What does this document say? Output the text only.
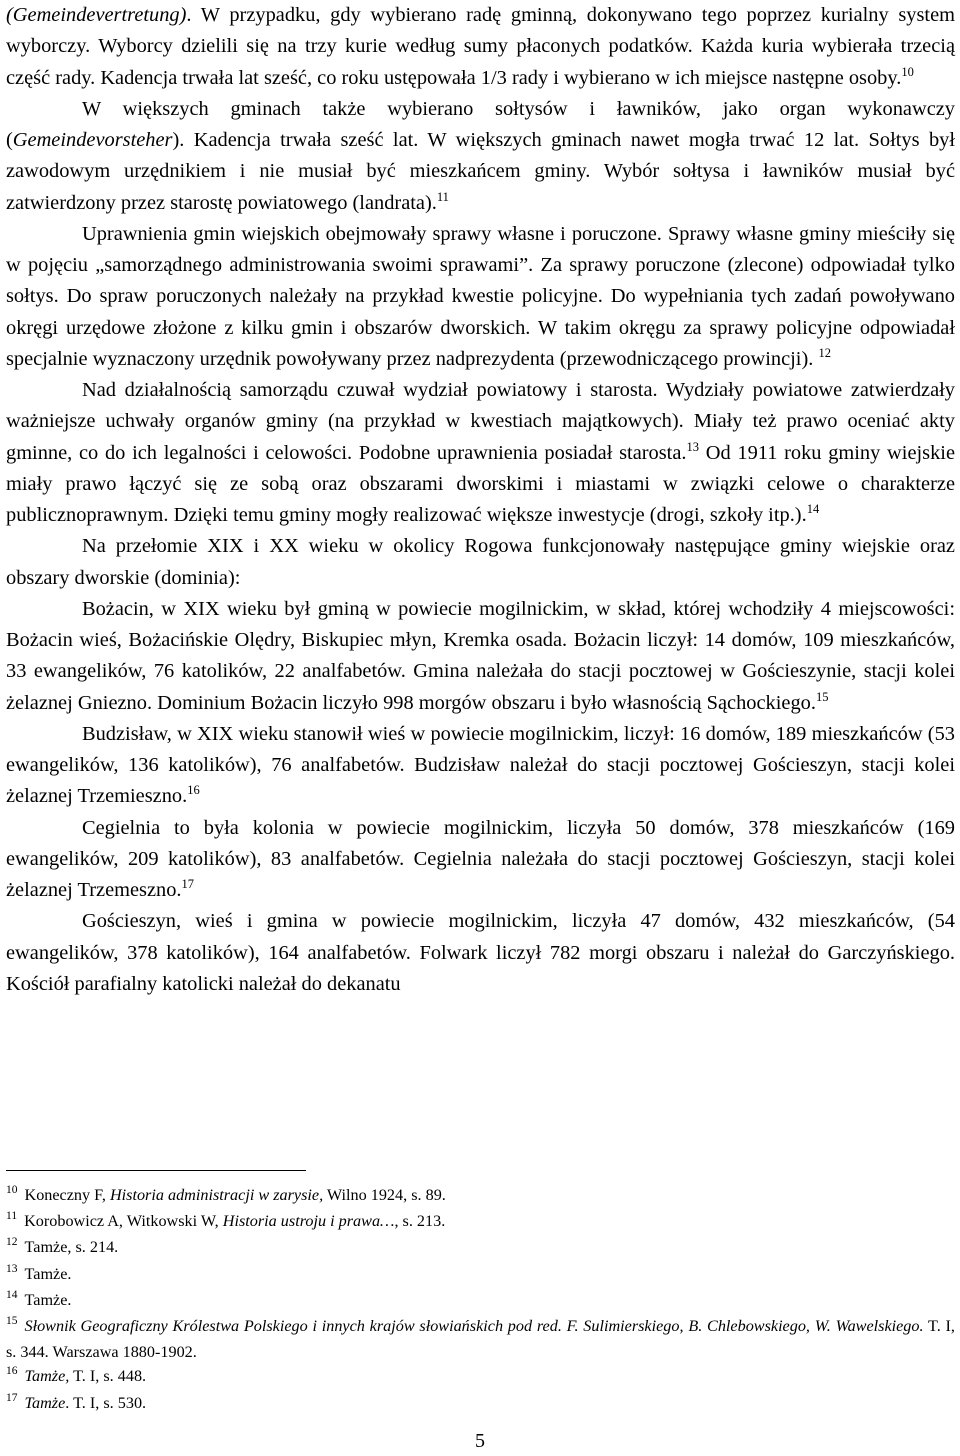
(Gemeindevertretung). W przypadku, gdy wybierano radę gminną, dokonywano tego poprzez kurialny system wyborczy. Wyborcy dzielili się na trzy kurie według sumy płaconych podatków. Każda kuria wybierała trzecią część rady. Kadencja trwała lat sześć, co roku ustępowała 1/3 rady i wybierano w ich miejsce następne osoby.$^{10}$

W większych gminach także wybierano sołtysów i ławników, jako organ wykonawczy (Gemeindevorsteher). Kadencja trwała sześć lat. W większych gminach nawet mogła trwać 12 lat. Sołtys był zawodowym urzędnikiem i nie musiał być mieszkańcem gminy. Wybór sołtysa i ławników musiał być zatwierdzony przez starostę powiatowego (landrata).$^{11}$

Uprawnienia gmin wiejskich obejmowały sprawy własne i poruczone. Sprawy własne gminy mieściły się w pojęciu „samorządnego administrowania swoimi sprawami”. Za sprawy poruczone (zlecone) odpowiadał tylko sołtys. Do spraw poruczonych należały na przykład kwestie policyjne. Do wypełniania tych zadań powoływano okręgi urzędowe złożone z kilku gmin i obszarów dworskich. W takim okręgu za sprawy policyjne odpowiadał specjalnie wyznaczony urzędnik powoływany przez nadprezydenta (przewodniczącego prowincji). $^{12}$

Nad działalnością samorządu czuwał wydział powiatowy i starosta. Wydziały powiatowe zatwierdzały ważniejsze uchwały organów gminy (na przykład w kwestiach majątkowych). Miały też prawo oceniać akty gminne, co do ich legalności i celowości. Podobne uprawnienia posiadał starosta.$^{13}$ Od 1911 roku gminy wiejskie miały prawo łączyć się ze sobą oraz obszarami dworskimi i miastami w związki celowe o charakterze publicznoprawnym. Dzięki temu gminy mogły realizować większe inwestycje (drogi, szkoły itp.).$^{14}$

Na przełomie XIX i XX wieku w okolicy Rogowa funkcjonowały następujące gminy wiejskie oraz obszary dworskie (dominia):

Bożacin, w XIX wieku był gminą w powiecie mogilnickim, w skład, której wchodziły 4 miejscowości: Bożacin wieś, Bożacińskie Olędry, Biskupiec młyn, Kremka osada. Bożacin liczył: 14 domów, 109 mieszkańców, 33 ewangelików, 76 katolików, 22 analfabetów. Gmina należała do stacji pocztowej w Gościeszynie, stacji kolei żelaznej Gniezno. Dominium Bożacin liczyło 998 morgów obszaru i było własnością Sąchockiego.$^{15}$

Budzisław, w XIX wieku stanowił wieś w powiecie mogilnickim, liczył: 16 domów, 189 mieszkańców (53 ewangelików, 136 katolików), 76 analfabetów. Budzisław należał do stacji pocztowej Gościeszyn, stacji kolei żelaznej Trzemieszno.$^{16}$

Cegielnia to była kolonia w powiecie mogilnickim, liczyła 50 domów, 378 mieszkańców (169 ewangelików, 209 katolików), 83 analfabetów. Cegielnia należała do stacji pocztowej Gościeszyn, stacji kolei żelaznej Trzemeszno.$^{17}$

Gościeszyn, wieś i gmina w powiecie mogilnickim, liczyła 47 domów, 432 mieszkańców, (54 ewangelików, 378 katolików), 164 analfabetów. Folwark liczył 782 morgi obszaru i należał do Garczyńskiego. Kościół parafialny katolicki należał do dekanatu

$^{10}$ Koneczny F, Historia administracji w zarysie, Wilno 1924, s. 89.

$^{11}$ Korobowicz A, Witkowski W, Historia ustroju i prawa…, s. 213.

$^{12}$ Tamże, s. 214.

$^{13}$ Tamże.

$^{14}$ Tamże.

$^{15}$ Słownik Geograficzny Królestwa Polskiego i innych krajów słowiańskich pod red. F. Sulimierskiego, B. Chlebowskiego, W. Wawelskiego. T. I, s. 344. Warszawa 1880-1902.

$^{16}$ Tamże, T. I, s. 448.

$^{17}$ Tamże. T. I, s. 530.

5
